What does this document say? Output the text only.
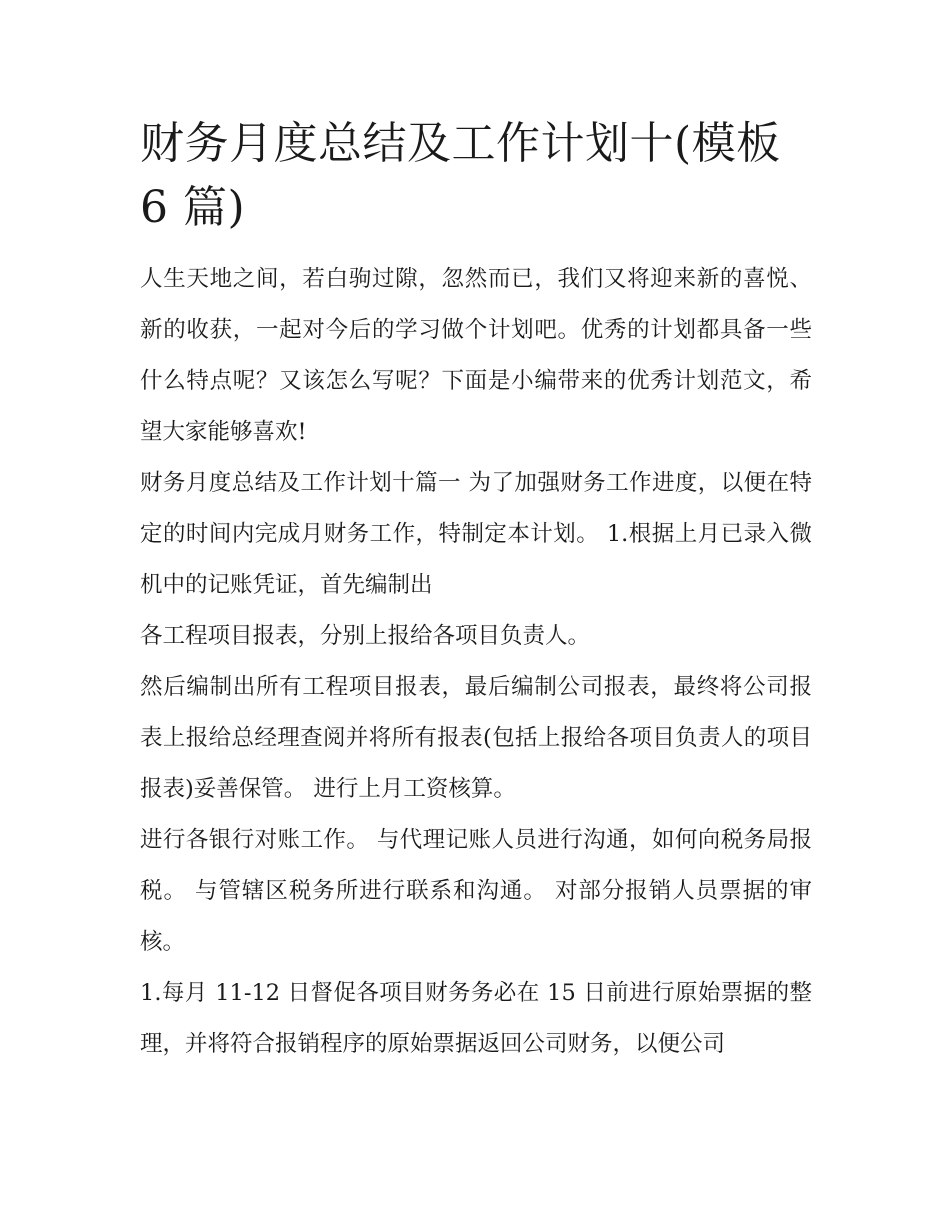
财务月度总结及工作计划十(模板 6 篇)

人生天地之间，若白驹过隙，忽然而已，我们又将迎来新的喜悦、新的收获，一起对今后的学习做个计划吧。优秀的计划都具备一些什么特点呢？又该怎么写呢？下面是小编带来的优秀计划范文，希望大家能够喜欢!

财务月度总结及工作计划十篇一 为了加强财务工作进度，以便在特定的时间内完成月财务工作，特制定本计划。 1.根据上月已录入微机中的记账凭证，首先编制出

各工程项目报表，分别上报给各项目负责人。

然后编制出所有工程项目报表，最后编制公司报表，最终将公司报表上报给总经理查阅并将所有报表(包括上报给各项目负责人的项目报表)妥善保管。 进行上月工资核算。

进行各银行对账工作。 与代理记账人员进行沟通，如何向税务局报税。 与管辖区税务所进行联系和沟通。 对部分报销人员票据的审核。

1.每月 11-12 日督促各项目财务务必在 15 日前进行原始票据的整理，并将符合报销程序的原始票据返回公司财务，以便公司
